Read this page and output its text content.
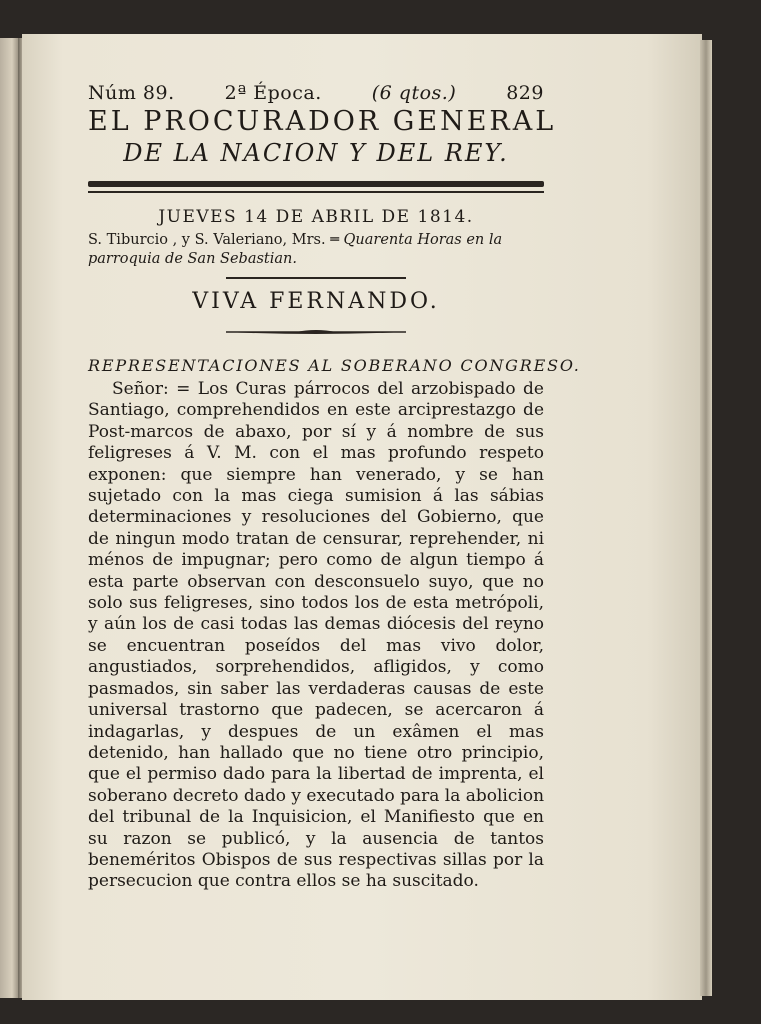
Núm 89.	2ª Época.	(6 qtos.)	829
EL PROCURADOR GENERAL
DE LA NACION Y DEL REY.
JUEVES 14 DE ABRIL DE 1814.
S. Tiburcio , y S. Valeriano, Mrs. ═ Quarenta Horas en la parroquia de San Sebastian.
VIVA FERNANDO.
REPRESENTACIONES AL SOBERANO CONGRESO.

Señor: = Los Curas párrocos del arzobispado de Santiago, comprehendidos en este arciprestazgo de Post-marcos de abaxo, por sí y á nombre de sus feligreses á V. M. con el mas profundo respeto exponen: que siempre han venerado, y se han sujetado con la mas ciega sumision á las sábias determinaciones y resoluciones del Gobierno, que de ningun modo tratan de censurar, reprehender, ni ménos de impugnar; pero como de algun tiempo á esta parte observan con desconsuelo suyo, que no solo sus feligreses, sino todos los de esta metrópoli, y aún los de casi todas las demas diócesis del reyno se encuentran poseídos del mas vivo dolor, angustiados, sorprehendidos, afligidos, y como pasmados, sin saber las verdaderas causas de este universal trastorno que padecen, se acercaron á indagarlas, y despues de un exâmen el mas detenido, han hallado que no tiene otro principio, que el permiso dado para la libertad de imprenta, el soberano decreto dado y executado para la abolicion del tribunal de la Inquisicion, el Manifiesto que en su razon se publicó, y la ausencia de tantos beneméritos Obispos de sus respectivas sillas por la persecucion que contra ellos se ha suscitado.
